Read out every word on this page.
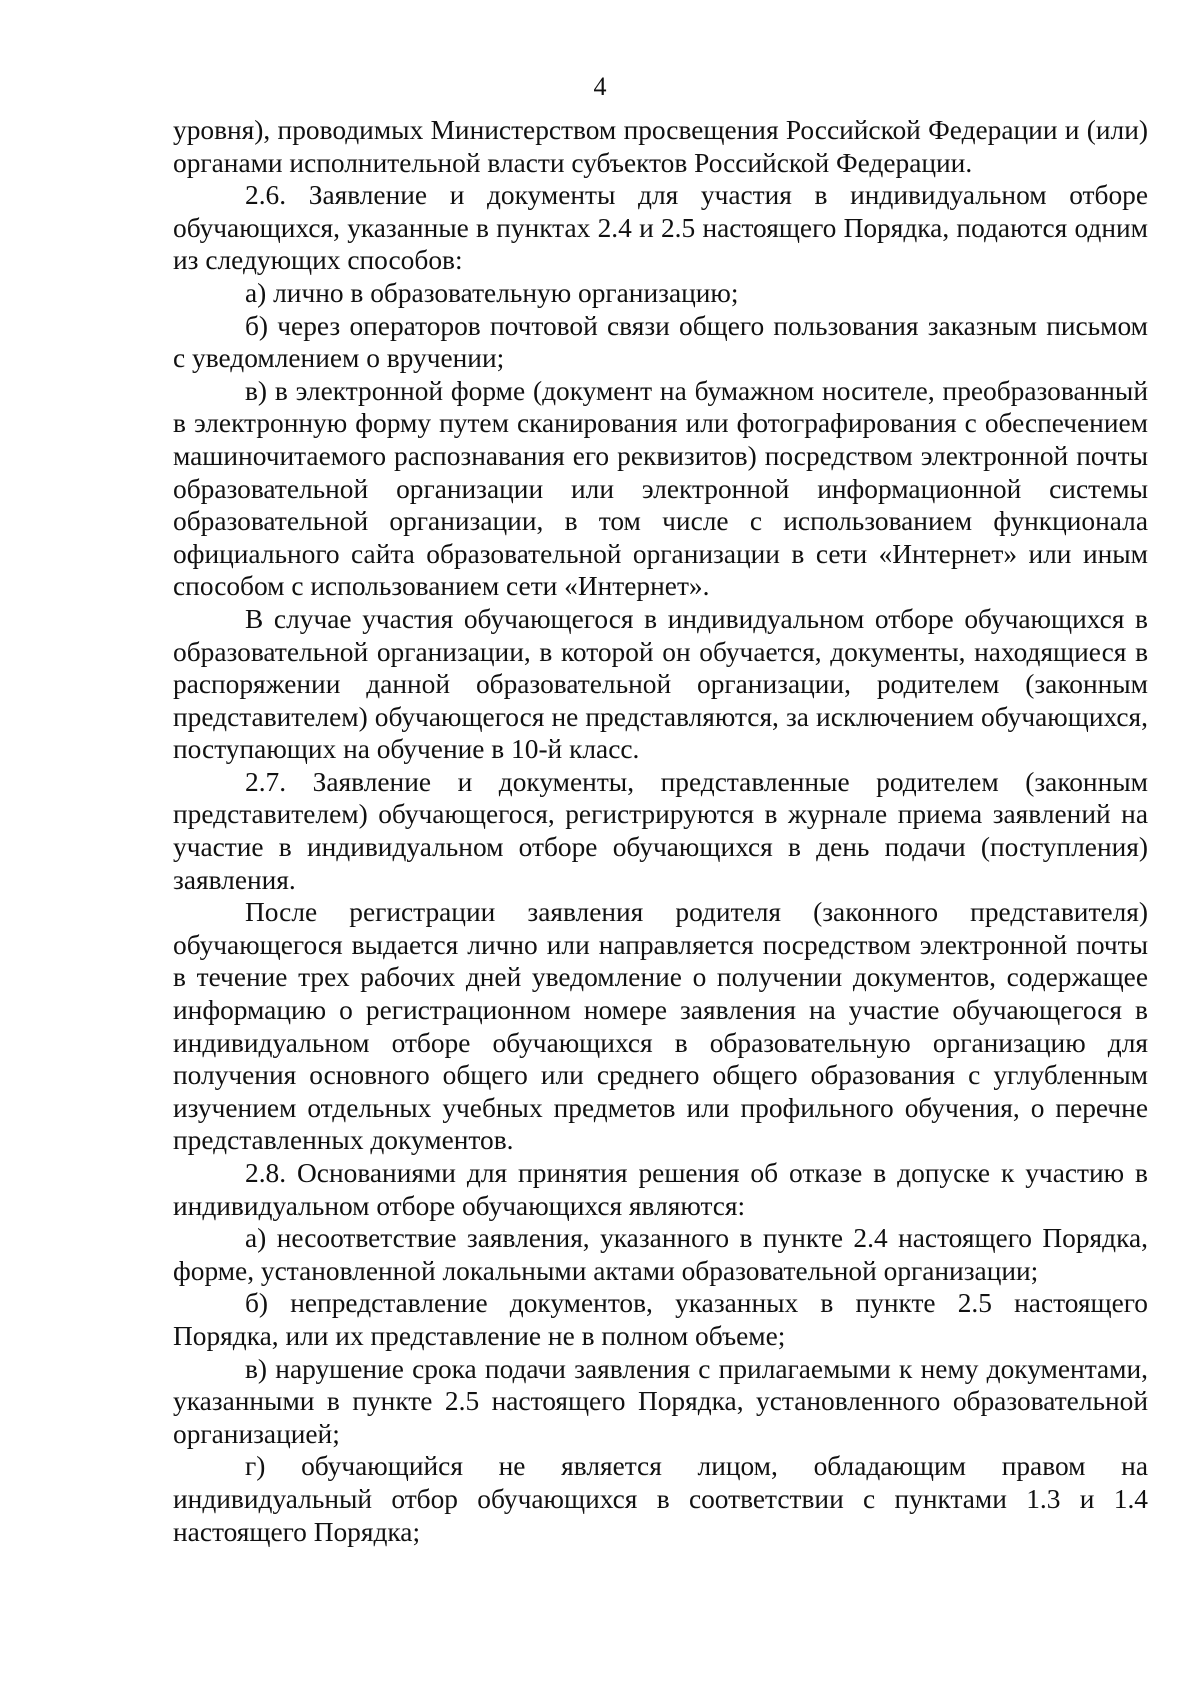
4

уровня), проводимых Министерством просвещения Российской Федерации и (или) органами исполнительной власти субъектов Российской Федерации.

2.6. Заявление и документы для участия в индивидуальном отборе обучающихся, указанные в пунктах 2.4 и 2.5 настоящего Порядка, подаются одним из следующих способов:

а) лично в образовательную организацию;

б) через операторов почтовой связи общего пользования заказным письмом с уведомлением о вручении;

в) в электронной форме (документ на бумажном носителе, преобразованный в электронную форму путем сканирования или фотографирования с обеспечением машиночитаемого распознавания его реквизитов) посредством электронной почты образовательной организации или электронной информационной системы образовательной организации, в том числе с использованием функционала официального сайта образовательной организации в сети «Интернет» или иным способом с использованием сети «Интернет».

В случае участия обучающегося в индивидуальном отборе обучающихся в образовательной организации, в которой он обучается, документы, находящиеся в распоряжении данной образовательной организации, родителем (законным представителем) обучающегося не представляются, за исключением обучающихся, поступающих на обучение в 10-й класс.

2.7. Заявление и документы, представленные родителем (законным представителем) обучающегося, регистрируются в журнале приема заявлений на участие в индивидуальном отборе обучающихся в день подачи (поступления) заявления.

После регистрации заявления родителя (законного представителя) обучающегося выдается лично или направляется посредством электронной почты в течение трех рабочих дней уведомление о получении документов, содержащее информацию о регистрационном номере заявления на участие обучающегося в индивидуальном отборе обучающихся в образовательную организацию для получения основного общего или среднего общего образования с углубленным изучением отдельных учебных предметов или профильного обучения, о перечне представленных документов.

2.8. Основаниями для принятия решения об отказе в допуске к участию в индивидуальном отборе обучающихся являются:

а) несоответствие заявления, указанного в пункте 2.4 настоящего Порядка, форме, установленной локальными актами образовательной организации;

б) непредставление документов, указанных в пункте 2.5 настоящего Порядка, или их представление не в полном объеме;

в) нарушение срока подачи заявления с прилагаемыми к нему документами, указанными в пункте 2.5 настоящего Порядка, установленного образовательной организацией;

г) обучающийся не является лицом, обладающим правом на индивидуальный отбор обучающихся в соответствии с пунктами 1.3 и 1.4 настоящего Порядка;
